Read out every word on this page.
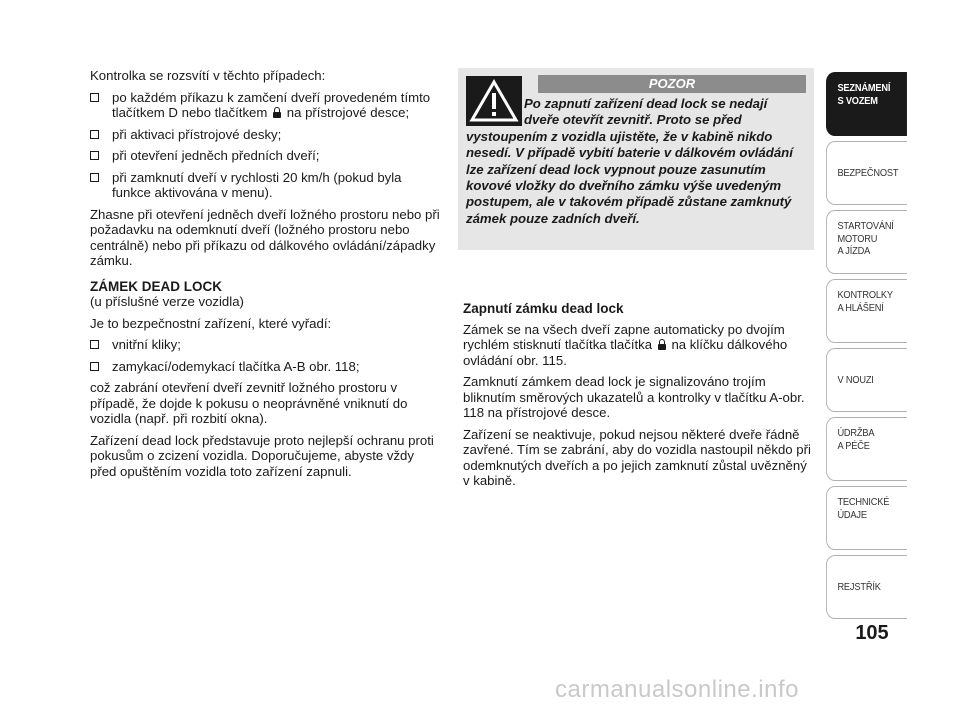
Kontrolka se rozsvítí v těchto případech:

po každém příkazu k zamčení dveří provedeném tímto tlačítkem D nebo tlačítkem na přístrojové desce;
při aktivaci přístrojové desky;
při otevření jedněch předních dveří;
při zamknutí dveří v rychlosti 20 km/h (pokud byla funkce aktivována v menu).

Zhasne při otevření jedněch dveří ložného prostoru nebo při požadavku na odemknutí dveří (ložného prostoru nebo centrálně) nebo při příkazu od dálkového ovládání/západky zámku.

ZÁMEK DEAD LOCK

(u příslušné verze vozidla)

Je to bezpečnostní zařízení, které vyřadí:

vnitřní kliky;
zamykací/odemykací tlačítka A-B obr. 118;

což zabrání otevření dveří zevnitř ložného prostoru v případě, že dojde k pokusu o neoprávněné vniknutí do vozidla (např. při rozbití okna).

Zařízení dead lock představuje proto nejlepší ochranu proti pokusům o zcizení vozidla. Doporučujeme, abyste vždy před opuštěním vozidla toto zařízení zapnuli.

POZOR
Po zapnutí zařízení dead lock se nedají dveře otevřít zevnitř. Proto se před
vystoupením z vozidla ujistěte, že v kabině nikdo nesedí. V případě vybití baterie v dálkovém ovládání lze zařízení dead lock vypnout pouze zasunutím kovové vložky do dveřního zámku výše uvedeným postupem, ale v takovém případě zůstane zamknutý zámek pouze zadních dveří.

Zapnutí zámku dead lock

Zámek se na všech dveří zapne automaticky po dvojím rychlém stisknutí tlačítka tlačítka na klíčku dálkového ovládání obr. 115.

Zamknutí zámkem dead lock je signalizováno trojím bliknutím směrových ukazatelů a kontrolky v tlačítku A-obr. 118 na přístrojové desce.

Zařízení se neaktivuje, pokud nejsou některé dveře řádně zavřené. Tím se zabrání, aby do vozidla nastoupil někdo při odemknutých dveřích a po jejich zamknutí zůstal uvězněný v kabině.

SEZNÁMENÍ
S VOZEM
BEZPEČNOST
STARTOVÁNÍ
MOTORU
A JÍZDA
KONTROLKY
A HLÁŠENÍ
V NOUZI
ÚDRŽBA
A PÉČE
TECHNICKÉ
ÚDAJE
REJSTŘÍK
105
carmanualsonline.info
